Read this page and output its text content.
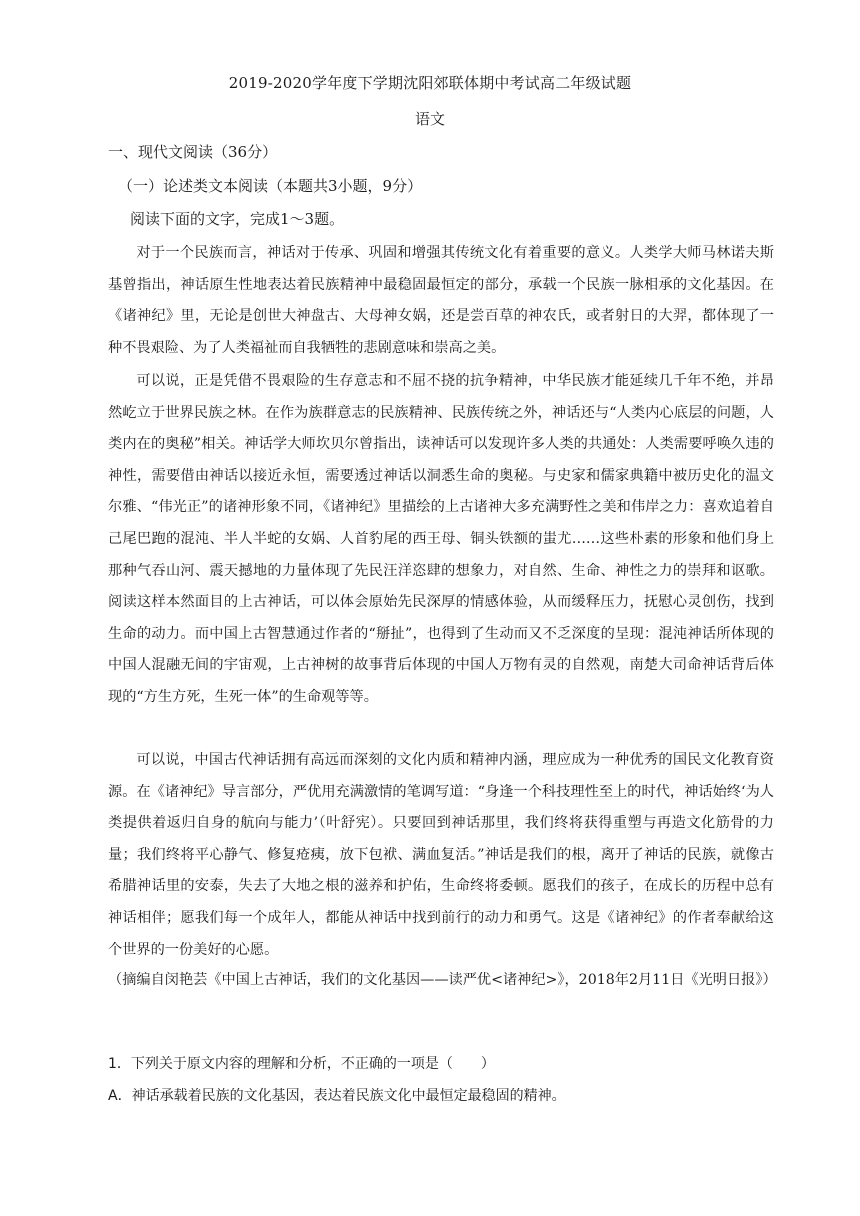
2019-2020学年度下学期沈阳郊联体期中考试高二年级试题
语文
一、现代文阅读（36分）
（一）论述类文本阅读（本题共3小题，9分）
阅读下面的文字，完成1～3题。
对于一个民族而言，神话对于传承、巩固和增强其传统文化有着重要的意义。人类学大师马林诺夫斯基曾指出，神话原生性地表达着民族精神中最稳固最恒定的部分，承载一个民族一脉相承的文化基因。在《诸神纪》里，无论是创世大神盘古、大母神女娲，还是尝百草的神农氏，或者射日的大羿，都体现了一种不畏艰险、为了人类福祉而自我牺牲的悲剧意味和崇高之美。
可以说，正是凭借不畏艰险的生存意志和不屈不挠的抗争精神，中华民族才能延续几千年不绝，并昂然屹立于世界民族之林。在作为族群意志的民族精神、民族传统之外，神话还与“人类内心底层的问题，人类内在的奥秘”相关。神话学大师坎贝尔曾指出，读神话可以发现许多人类的共通处：人类需要呼唤久违的神性，需要借由神话以接近永恒，需要透过神话以洞悉生命的奥秘。与史家和儒家典籍中被历史化的温文尔雅、“伟光正”的诸神形象不同，《诸神纪》里描绘的上古诸神大多充满野性之美和伟岸之力：喜欢追着自己尾巴跑的混沌、半人半蛇的女娲、人首豹尾的西王母、铜头铁额的蚩尤……这些朴素的形象和他们身上那种气吞山河、震天撼地的力量体现了先民汪洋恣肆的想象力，对自然、生命、神性之力的崇拜和讴歌。阅读这样本然面目的上古神话，可以体会原始先民深厚的情感体验，从而缓释压力，抚慰心灵创伤，找到生命的动力。而中国上古智慧通过作者的“掰扯”，也得到了生动而又不乏深度的呈现：混沌神话所体现的中国人混融无间的宇宙观，上古神树的故事背后体现的中国人万物有灵的自然观，南楚大司命神话背后体现的“方生方死，生死一体”的生命观等等。
可以说，中国古代神话拥有高远而深刻的文化内质和精神内涵，理应成为一种优秀的国民文化教育资源。在《诸神纪》导言部分，严优用充满激情的笔调写道：“身逢一个科技理性至上的时代，神话始终‘为人类提供着返归自身的航向与能力’（叶舒宪）。只要回到神话那里，我们终将获得重塑与再造文化筋骨的力量；我们终将平心静气、修复疮痍，放下包袱、满血复活。”神话是我们的根，离开了神话的民族，就像古希腊神话里的安泰，失去了大地之根的滋养和护佑，生命终将委顿。愿我们的孩子，在成长的历程中总有神话相伴；愿我们每一个成年人，都能从神话中找到前行的动力和勇气。这是《诸神纪》的作者奉献给这个世界的一份美好的心愿。
（摘编自闵艳芸《中国上古神话，我们的文化基因——读严优<诸神纪>》，2018年2月11日《光明日报》）
1．下列关于原文内容的理解和分析，不正确的一项是（　　）
A．神话承载着民族的文化基因，表达着民族文化中最恒定最稳固的精神。
